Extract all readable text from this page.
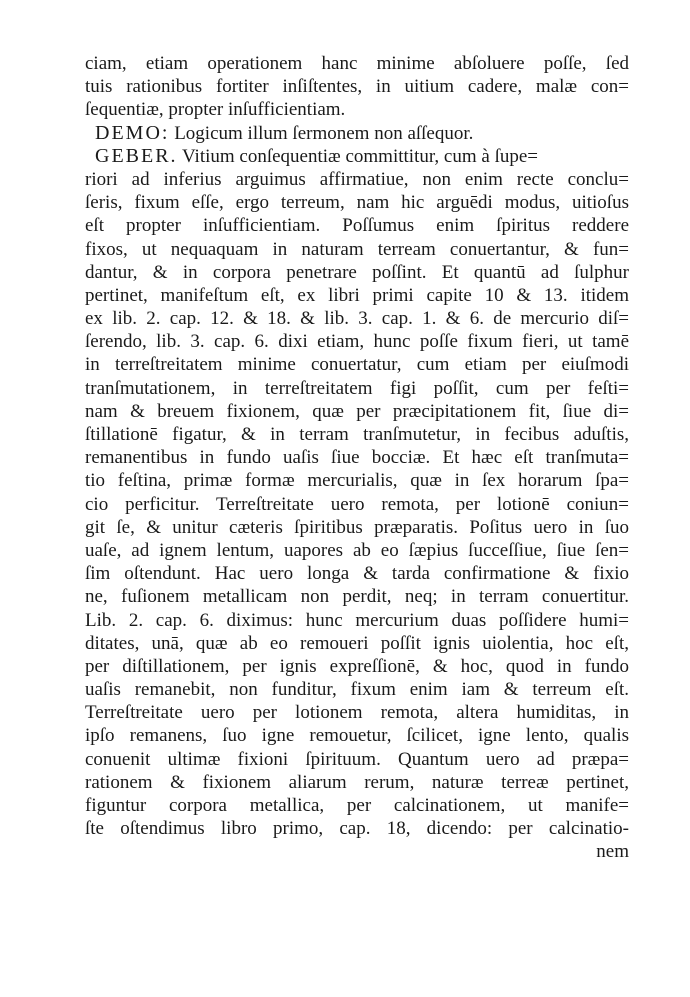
ciam, etiam operationem hanc minime abſoluere poſſe, ſed
tuis rationibus fortiter inſiſtentes, in uitium cadere, malæ con=
ſequentiæ, propter inſufficientiam.
DEMO: Logicum illum ſermonem non aſſequor.
GEBER. Vitium conſequentiæ committitur, cum à ſupe=
riori ad inferius arguimus affirmatiue, non enim recte conclu=
ſeris, fixum eſſe, ergo terreum, nam hic arguēdi modus, uitioſus
eſt propter inſufficientiam. Poſſumus enim ſpiritus reddere
fixos, ut nequaquam in naturam terream conuertantur, & fun=
dantur, & in corpora penetrare poſſint. Et quantū ad ſulphur
pertinet, manifeſtum eſt, ex libri primi capite 10 & 13. itidem
ex lib. 2. cap. 12. & 18. & lib. 3. cap. 1. & 6. de mercurio diſ=
ſerendo, lib. 3. cap. 6. dixi etiam, hunc poſſe fixum fieri, ut tamē
in terreſtreitatem minime conuertatur, cum etiam per eiuſmodi
tranſmutationem, in terreſtreitatem figi poſſit, cum per feſti=
nam & breuem fixionem, quæ per præcipitationem fit, ſiue di=
ſtillationē figatur, & in terram tranſmutetur, in fecibus aduſtis,
remanentibus in fundo uaſis ſiue bocciæ. Et hæc eſt tranſmuta=
tio feſtina, primæ formæ mercurialis, quæ in ſex horarum ſpa=
cio perficitur. Terreſtreitate uero remota, per lotionē coniun=
git ſe, & unitur cæteris ſpiritibus præparatis. Poſitus uero in ſuo
uaſe, ad ignem lentum, uapores ab eo ſæpius ſucceſſiue, ſiue ſen=
ſim oſtendunt. Hac uero longa & tarda confirmatione & fixio
ne, fuſionem metallicam non perdit, neq; in terram conuertitur.
Lib. 2. cap. 6. diximus: hunc mercurium duas poſſidere humi=
ditates, unā, quæ ab eo remoueri poſſit ignis uiolentia, hoc eſt,
per diſtillationem, per ignis expreſſionē, & hoc, quod in fundo
uaſis remanebit, non funditur, fixum enim iam & terreum eſt.
Terreſtreitate uero per lotionem remota, altera humiditas, in
ipſo remanens, ſuo igne remouetur, ſcilicet, igne lento, qualis
conuenit ultimæ fixioni ſpirituum. Quantum uero ad præpa=
rationem & fixionem aliarum rerum, naturæ terreæ pertinet,
figuntur corpora metallica, per calcinationem, ut manife=
ſte oſtendimus libro primo, cap. 18, dicendo: per calcinatio-
nem
